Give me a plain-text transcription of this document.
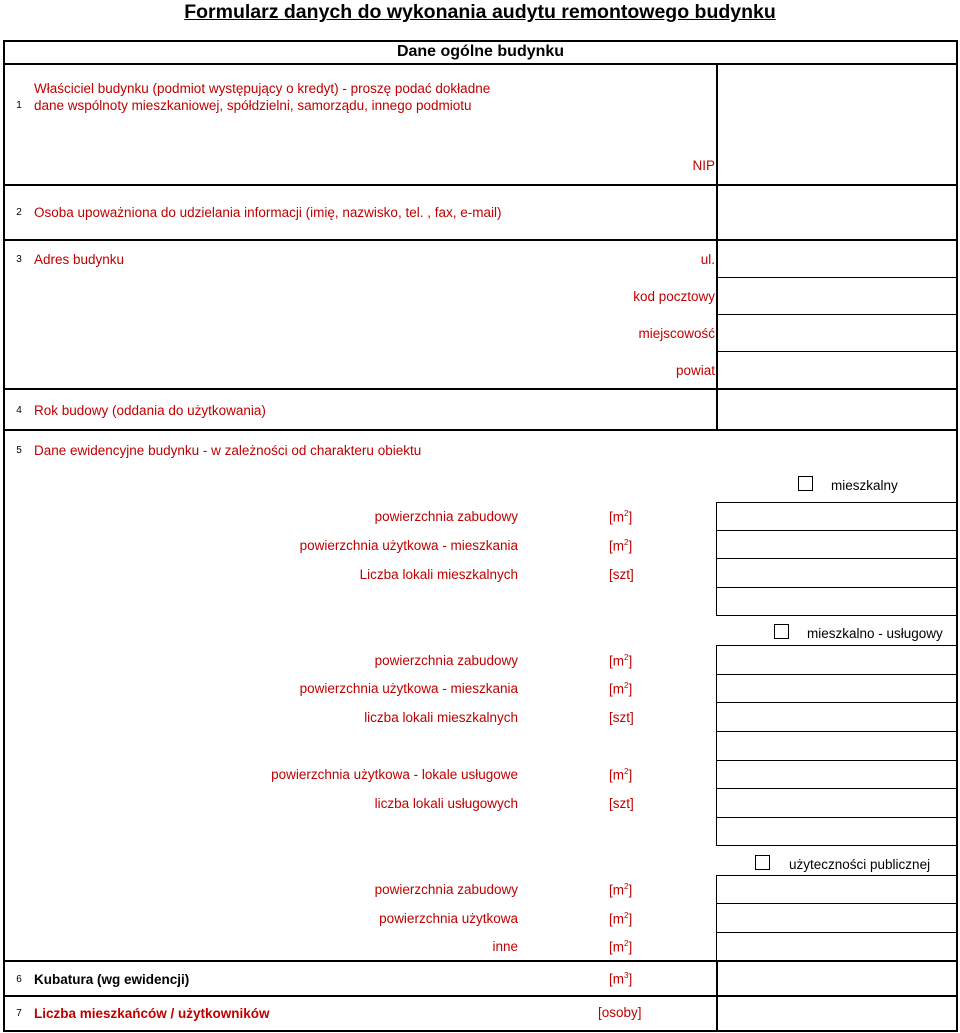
Formularz danych do wykonania audytu remontowego budynku
Dane ogólne budynku
1
Właściciel budynku (podmiot występujący o kredyt) - proszę podać dokładne dane wspólnoty mieszkaniowej, spółdzielni, samorządu, innego podmiotu
NIP
2 Osoba upoważniona do udzielania informacji (imię, nazwisko, tel. , fax, e-mail)
3 Adres budynku	ul.
kod pocztowy
miejscowość
powiat
4 Rok budowy (oddania do użytkowania)
5 Dane ewidencyjne budynku - w zależności od charakteru obiektu
mieszkalny
powierzchnia zabudowy	$[m^2]$
powierzchnia użytkowa - mieszkania	$[m^2]$
Liczba lokali mieszkalnych	[szt]
mieszkalno - usługowy
powierzchnia zabudowy	$[m^2]$
powierzchnia użytkowa - mieszkania	$[m^2]$
liczba lokali mieszkalnych	[szt]
powierzchnia użytkowa - lokale usługowe	$[m^2]$
liczba lokali usługowych	[szt]
użyteczności publicznej
powierzchnia zabudowy	$[m^2]$
powierzchnia użytkowa	$[m^2]$
inne	$[m^2]$
6 Kubatura (wg ewidencji)	$[m^3]$
7 Liczba mieszkańców / użytkowników	[osoby]
